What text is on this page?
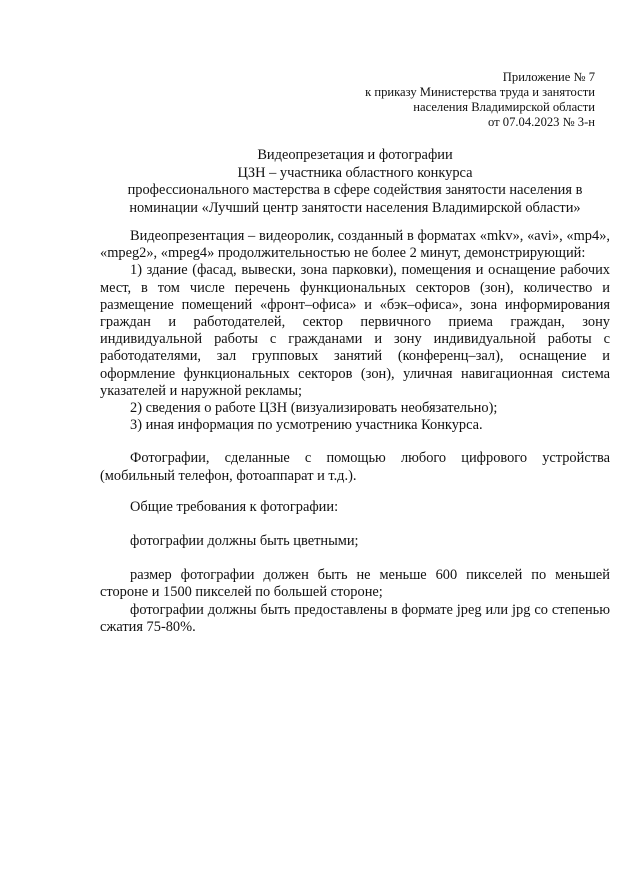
Приложение № 7
к приказу Министерства труда и занятости
населения Владимирской области
от 07.04.2023 № 3-н
Видеопрезетация и фотографии
ЦЗН – участника областного конкурса
профессионального мастерства в сфере содействия занятости населения в
номинации «Лучший центр занятости населения Владимирской области»

Видеопрезентация – видеоролик, созданный в форматах «mkv», «avi», «mp4», «mpeg2», «mpeg4» продолжительностью не более 2 минут, демонстрирующий:

1) здание (фасад, вывески, зона парковки), помещения и оснащение рабочих мест, в том числе перечень функциональных секторов (зон), количество и размещение помещений «фронт–офиса» и «бэк–офиса», зона информирования граждан и работодателей, сектор первичного приема граждан, зону индивидуальной работы с гражданами и зону индивидуальной работы с работодателями, зал групповых занятий (конференц–зал), оснащение и оформление функциональных секторов (зон), уличная навигационная система указателей и наружной рекламы;

2) сведения о работе ЦЗН (визуализировать необязательно);

3) иная информация по усмотрению участника Конкурса.

Фотографии, сделанные с помощью любого цифрового устройства (мобильный телефон, фотоаппарат и т.д.).

Общие требования к фотографии:

фотографии должны быть цветными;

размер фотографии должен быть не меньше 600 пикселей по меньшей стороне и 1500 пикселей по большей стороне;

фотографии должны быть предоставлены в формате jpeg или jpg со степенью сжатия 75-80%.
